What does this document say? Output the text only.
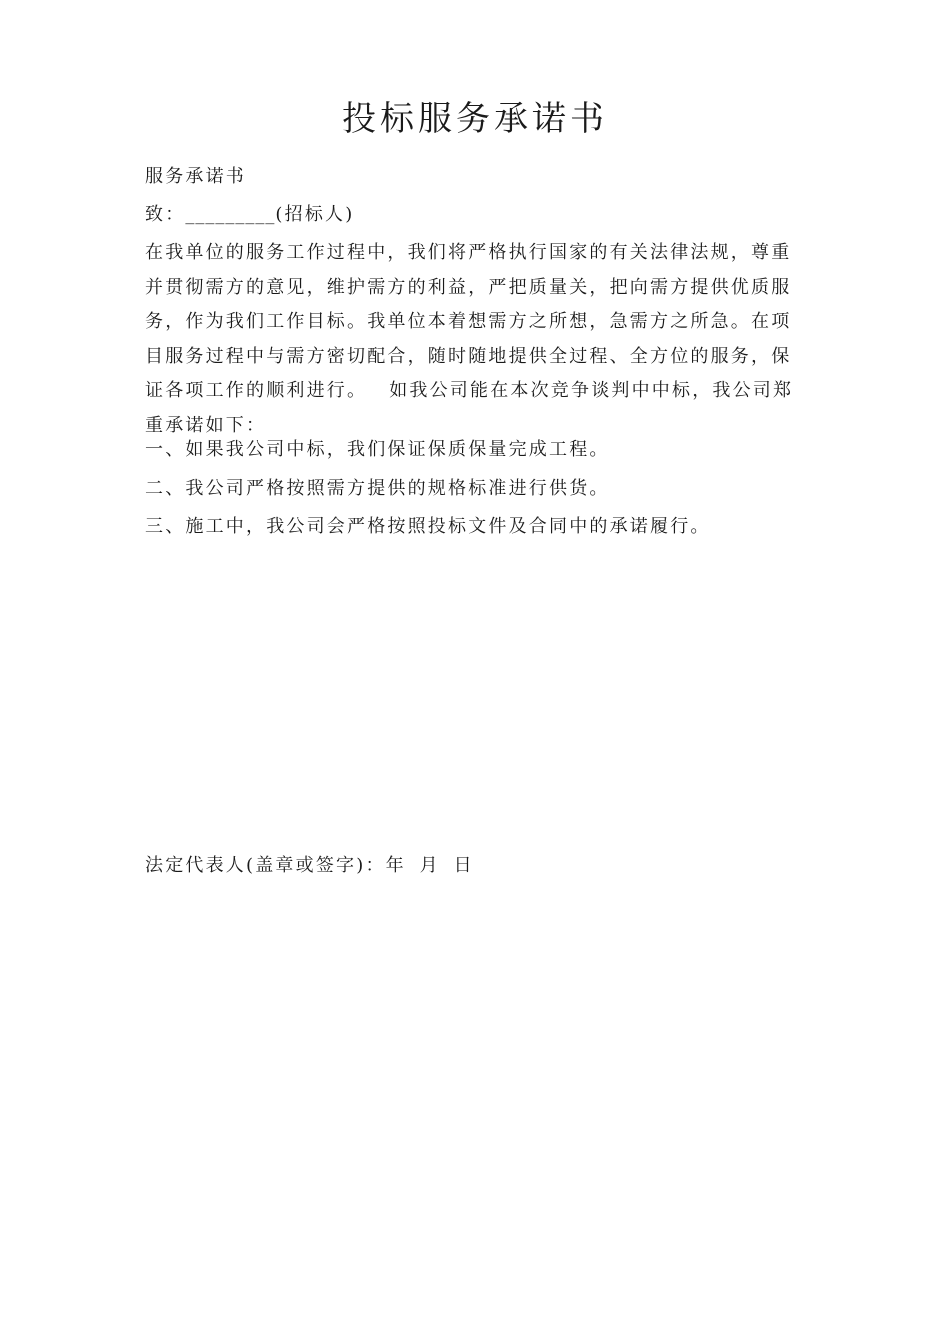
投标服务承诺书

服务承诺书

致：_________(招标人)

在我单位的服务工作过程中，我们将严格执行国家的有关法律法规，尊重并贯彻需方的意见，维护需方的利益，严把质量关，把向需方提供优质服务，作为我们工作目标。我单位本着想需方之所想，急需方之所急。在项目服务过程中与需方密切配合，随时随地提供全过程、全方位的服务，保证各项工作的顺利进行。 如我公司能在本次竞争谈判中中标，我公司郑重承诺如下：

一、如果我公司中标，我们保证保质保量完成工程。

二、我公司严格按照需方提供的规格标准进行供货。

三、施工中，我公司会严格按照投标文件及合同中的承诺履行。

法定代表人(盖章或签字)：年 月 日
